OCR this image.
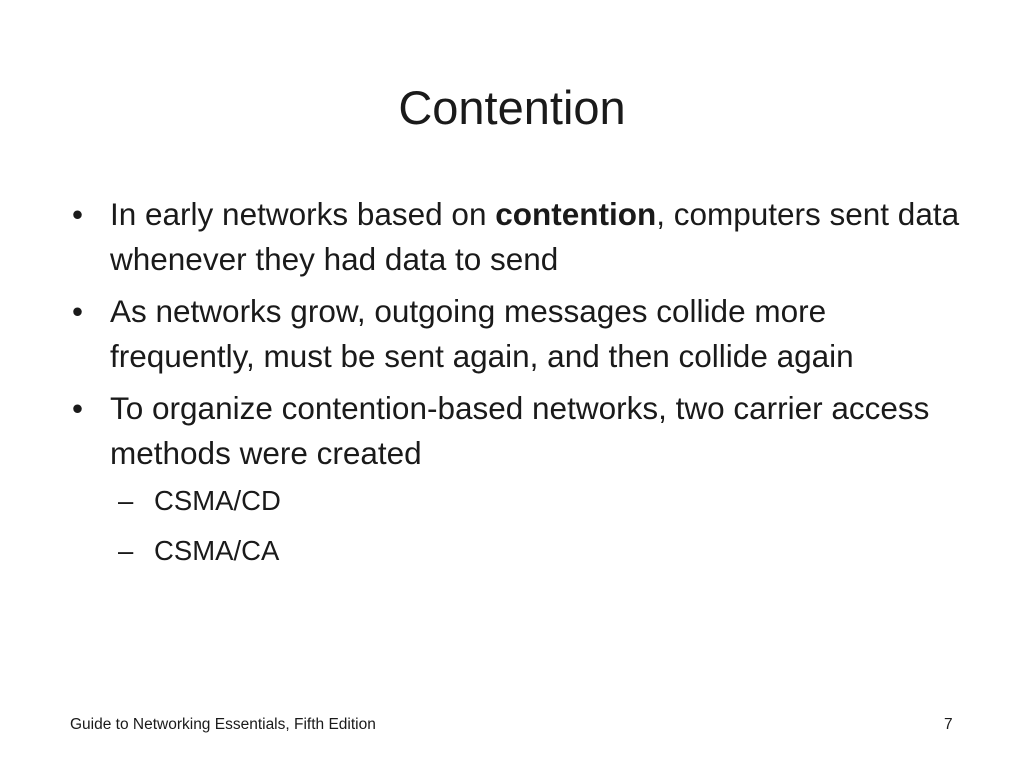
Contention
• In early networks based on contention, computers sent data whenever they had data to send
• As networks grow, outgoing messages collide more frequently, must be sent again, and then collide again
• To organize contention-based networks, two carrier access methods were created
– CSMA/CD
– CSMA/CA
Guide to Networking Essentials, Fifth Edition	7
